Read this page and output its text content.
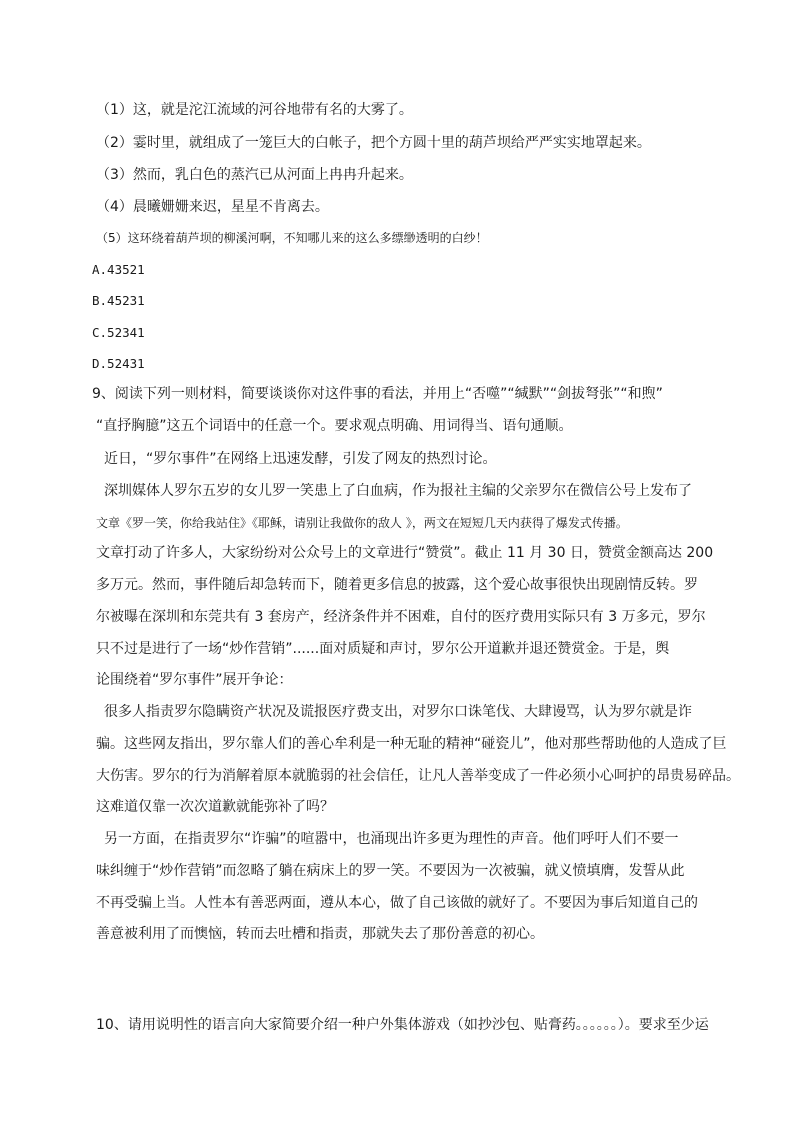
（1）这，就是沱江流域的河谷地带有名的大雾了。
（2）霎时里，就组成了一笼巨大的白帐子，把个方圆十里的葫芦坝给严严实实地罩起来。
（3）然而，乳白色的蒸汽已从河面上冉冉升起来。
（4）晨曦姗姗来迟，星星不肯离去。
（5）这环绕着葫芦坝的柳溪河啊，不知哪儿来的这么多缥缈透明的白纱！
A.43521
B.45231
C.52341
D.52431
9、阅读下列一则材料，简要谈谈你对这件事的看法，并用上“否噬”“缄默”“剑拔弩张”“和煦”
“直抒胸臆”这五个词语中的任意一个。要求观点明确、用词得当、语句通顺。
近日，“罗尔事件”在网络上迅速发酵，引发了网友的热烈讨论。
深圳媒体人罗尔五岁的女儿罗一笑患上了白血病，作为报社主编的父亲罗尔在微信公号上发布了
文章《罗一笑，你给我站住》《耶稣，请别让我做你的敌人 》，两文在短短几天内获得了爆发式传播。
文章打动了许多人，大家纷纷对公众号上的文章进行“赞赏”。截止 11 月 30 日，赞赏金额高达 200
多万元。然而，事件随后却急转而下，随着更多信息的披露，这个爱心故事很快出现剧情反转。罗
尔被曝在深圳和东莞共有 3 套房产，经济条件并不困难，自付的医疗费用实际只有 3 万多元，罗尔
只不过是进行了一场“炒作营销”......面对质疑和声讨，罗尔公开道歉并退还赞赏金。于是，舆
论围绕着“罗尔事件”展开争论：
很多人指责罗尔隐瞒资产状况及谎报医疗费支出，对罗尔口诛笔伐、大肆谩骂，认为罗尔就是诈
骗。这些网友指出，罗尔靠人们的善心牟利是一种无耻的精神“碰瓷儿”，他对那些帮助他的人造成了巨
大伤害。罗尔的行为消解着原本就脆弱的社会信任，让凡人善举变成了一件必须小心呵护的昂贵易碎品。
这难道仅靠一次次道歉就能弥补了吗？
另一方面，在指责罗尔“诈骗”的喧嚣中，也涌现出许多更为理性的声音。他们呼吁人们不要一
味纠缠于“炒作营销”而忽略了躺在病床上的罗一笑。不要因为一次被骗，就义愤填膺，发誓从此
不再受骗上当。人性本有善恶两面，遵从本心，做了自己该做的就好了。不要因为事后知道自己的
善意被利用了而懊恼，转而去吐槽和指责，那就失去了那份善意的初心。
10、请用说明性的语言向大家简要介绍一种户外集体游戏（如抄沙包、贴膏药。。。。。。）。要求至少运
